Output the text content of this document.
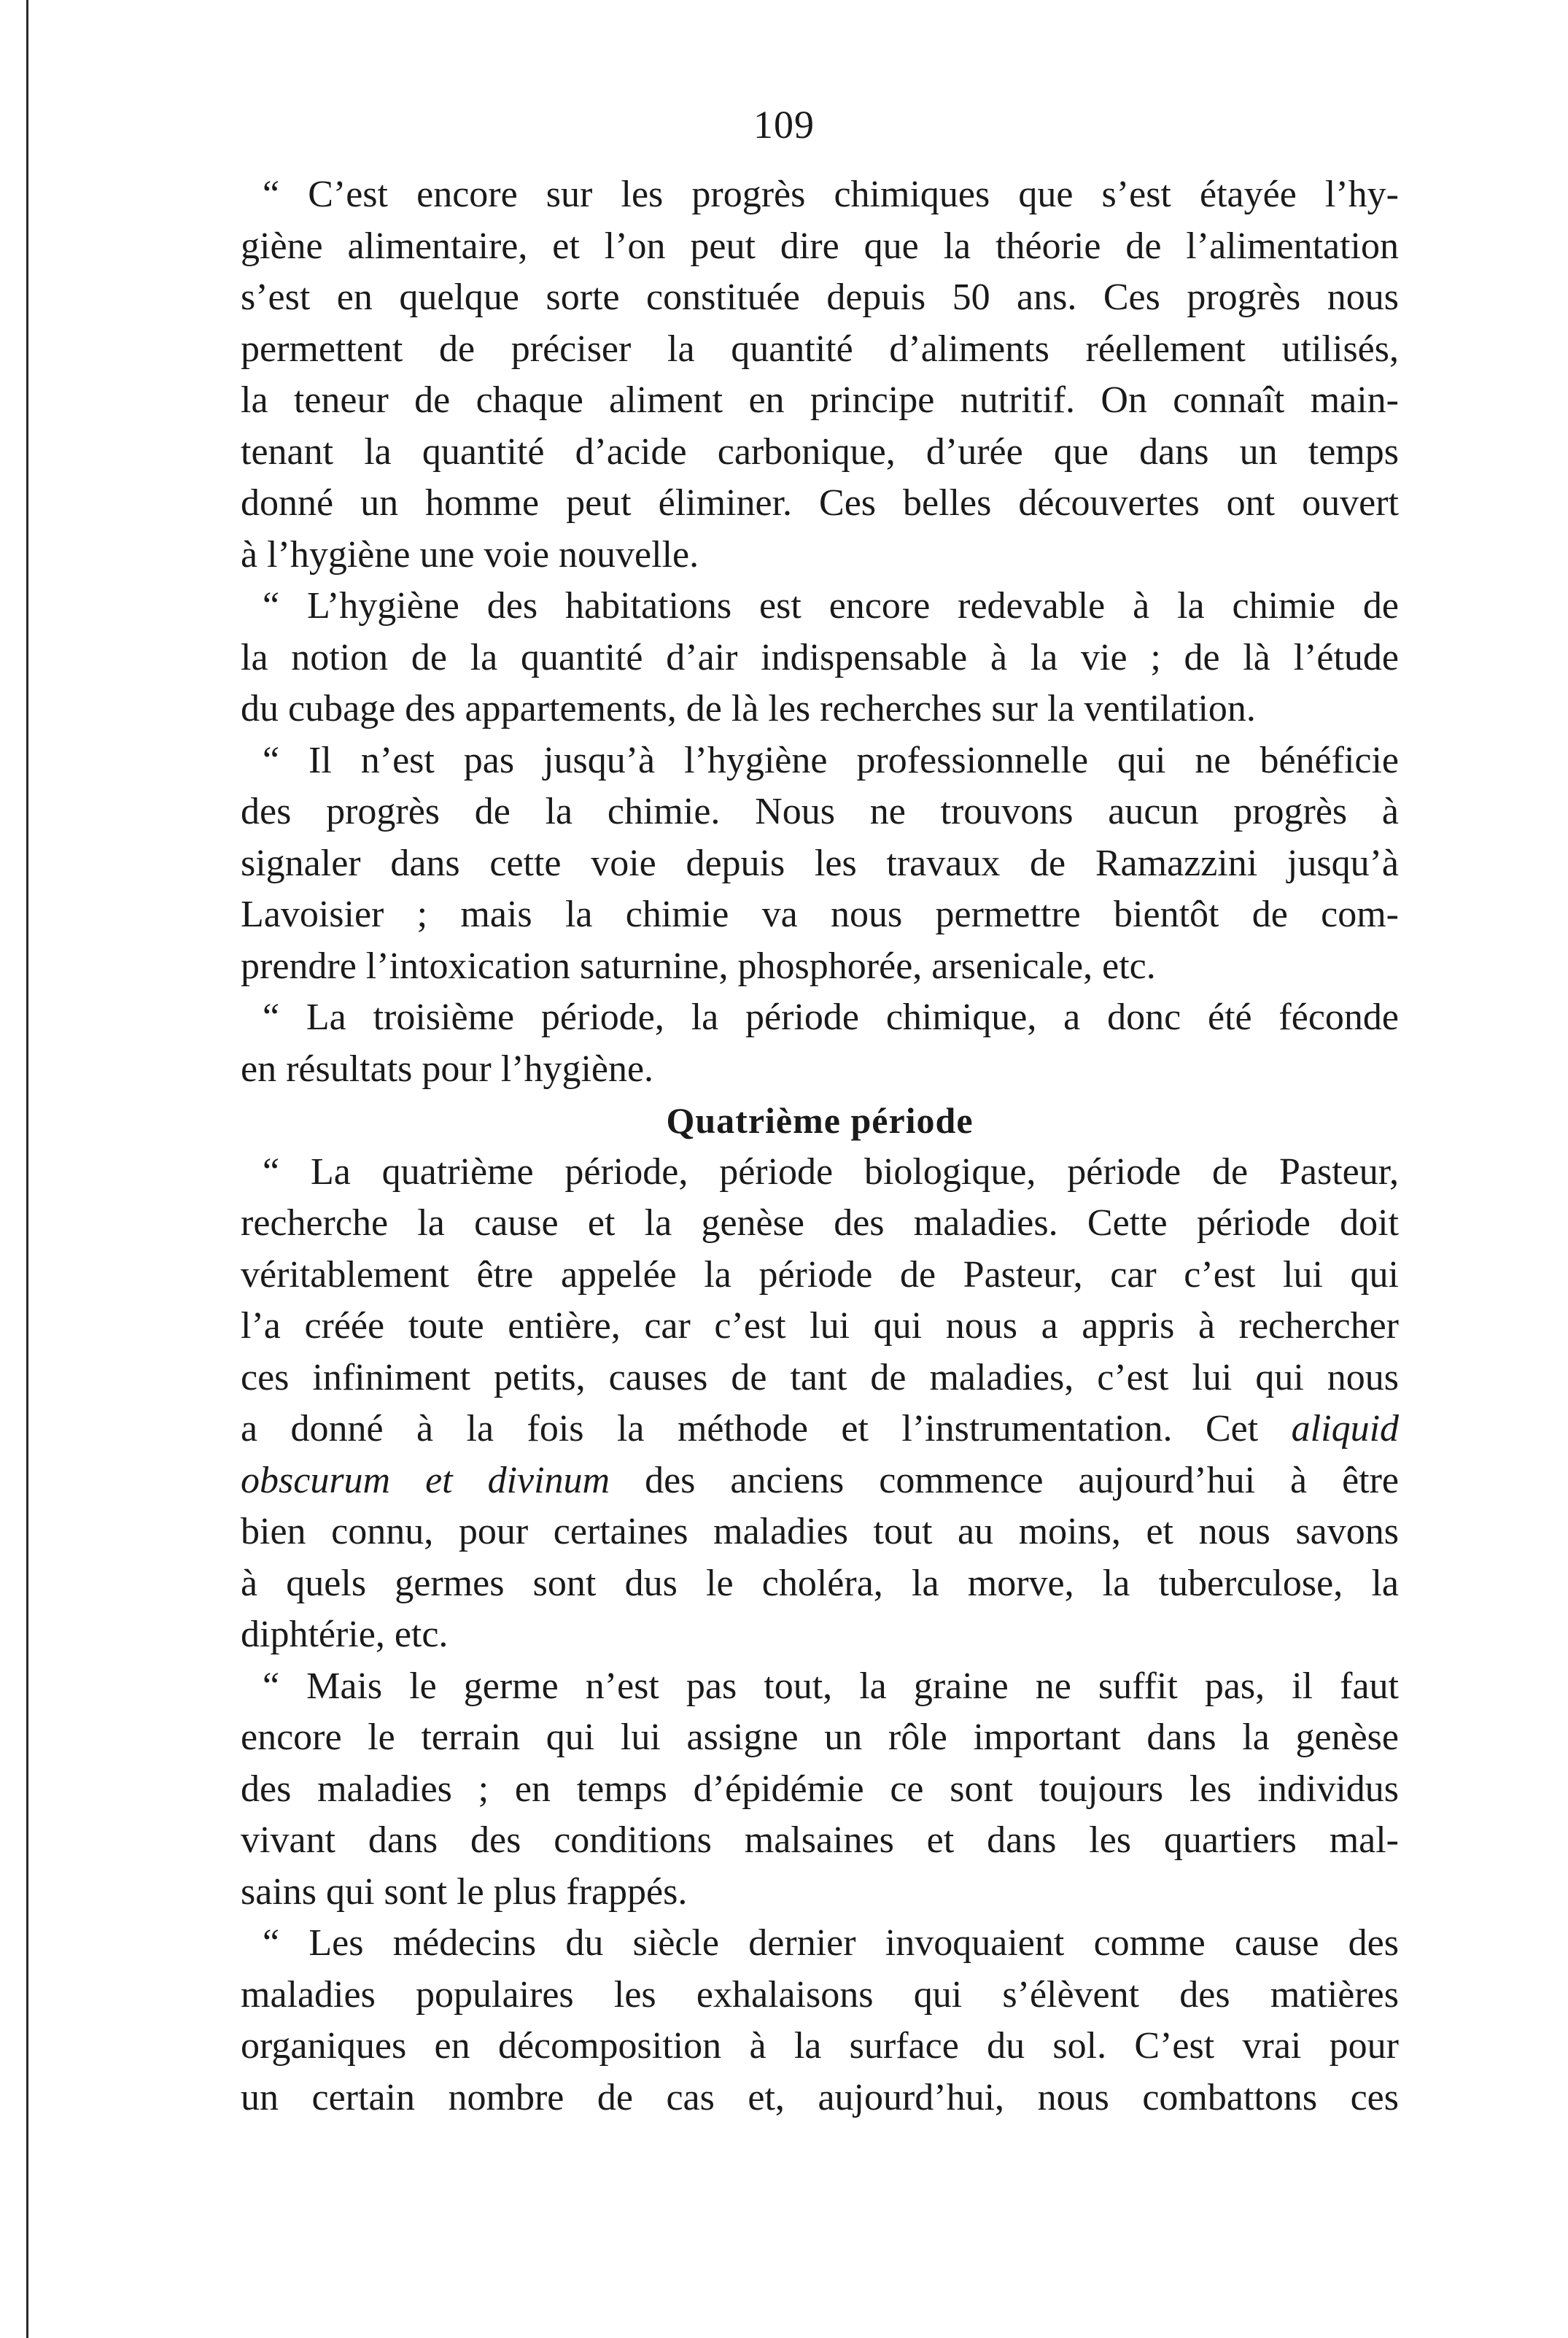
109
“ C’est encore sur les progrès chimiques que s’est étayée l’hy-
giène alimentaire, et l’on peut dire que la théorie de l’alimentation
s’est en quelque sorte constituée depuis 50 ans. Ces progrès nous
permettent de préciser la quantité d’aliments réellement utilisés,
la teneur de chaque aliment en principe nutritif. On connaît main-
tenant la quantité d’acide carbonique, d’urée que dans un temps
donné un homme peut éliminer. Ces belles découvertes ont ouvert
à l’hygiène une voie nouvelle.
“ L’hygiène des habitations est encore redevable à la chimie de
la notion de la quantité d’air indispensable à la vie ; de là l’étude
du cubage des appartements, de là les recherches sur la ventilation.
“ Il n’est pas jusqu’à l’hygiène professionnelle qui ne bénéficie
des progrès de la chimie. Nous ne trouvons aucun progrès à
signaler dans cette voie depuis les travaux de Ramazzini jusqu’à
Lavoisier ; mais la chimie va nous permettre bientôt de com-
prendre l’intoxication saturnine, phosphorée, arsenicale, etc.
“ La troisième période, la période chimique, a donc été féconde
en résultats pour l’hygiène.
Quatrième période
“ La quatrième période, période biologique, période de Pasteur,
recherche la cause et la genèse des maladies. Cette période doit
véritablement être appelée la période de Pasteur, car c’est lui qui
l’a créée toute entière, car c’est lui qui nous a appris à rechercher
ces infiniment petits, causes de tant de maladies, c’est lui qui nous
a donné à la fois la méthode et l’instrumentation. Cet aliquid
obscurum et divinum des anciens commence aujourd’hui à être
bien connu, pour certaines maladies tout au moins, et nous savons
à quels germes sont dus le choléra, la morve, la tuberculose, la
diphtérie, etc.
“ Mais le germe n’est pas tout, la graine ne suffit pas, il faut
encore le terrain qui lui assigne un rôle important dans la genèse
des maladies ; en temps d’épidémie ce sont toujours les individus
vivant dans des conditions malsaines et dans les quartiers mal-
sains qui sont le plus frappés.
“ Les médecins du siècle dernier invoquaient comme cause des
maladies populaires les exhalaisons qui s’élèvent des matières
organiques en décomposition à la surface du sol. C’est vrai pour
un certain nombre de cas et, aujourd’hui, nous combattons ces
